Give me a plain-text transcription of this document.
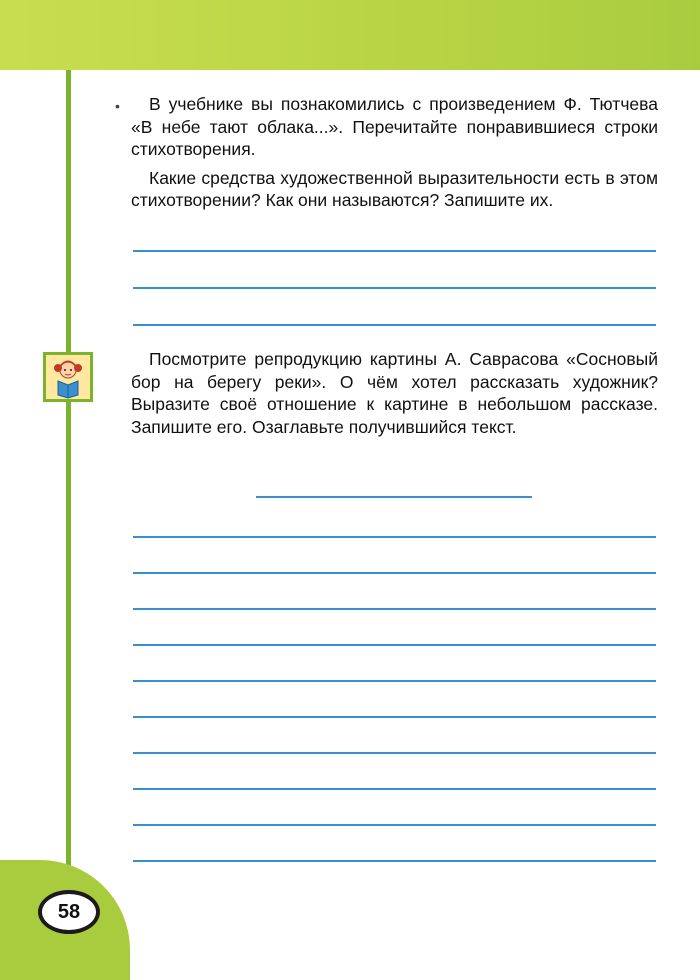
58
•	В учебнике вы познакомились с произведением Ф. Тютчева «В небе тают облака...». Перечитайте понравившиеся строки стихотворения.

Какие средства художественной выразительности есть в этом стихотворении? Как они называются? Запишите их.

Посмотрите репродукцию картины А. Саврасова «Сосновый бор на берегу реки». О чём хотел рассказать художник? Выразите своё отношение к картине в небольшом рассказе. Запишите его. Озаглавьте получившийся текст.
